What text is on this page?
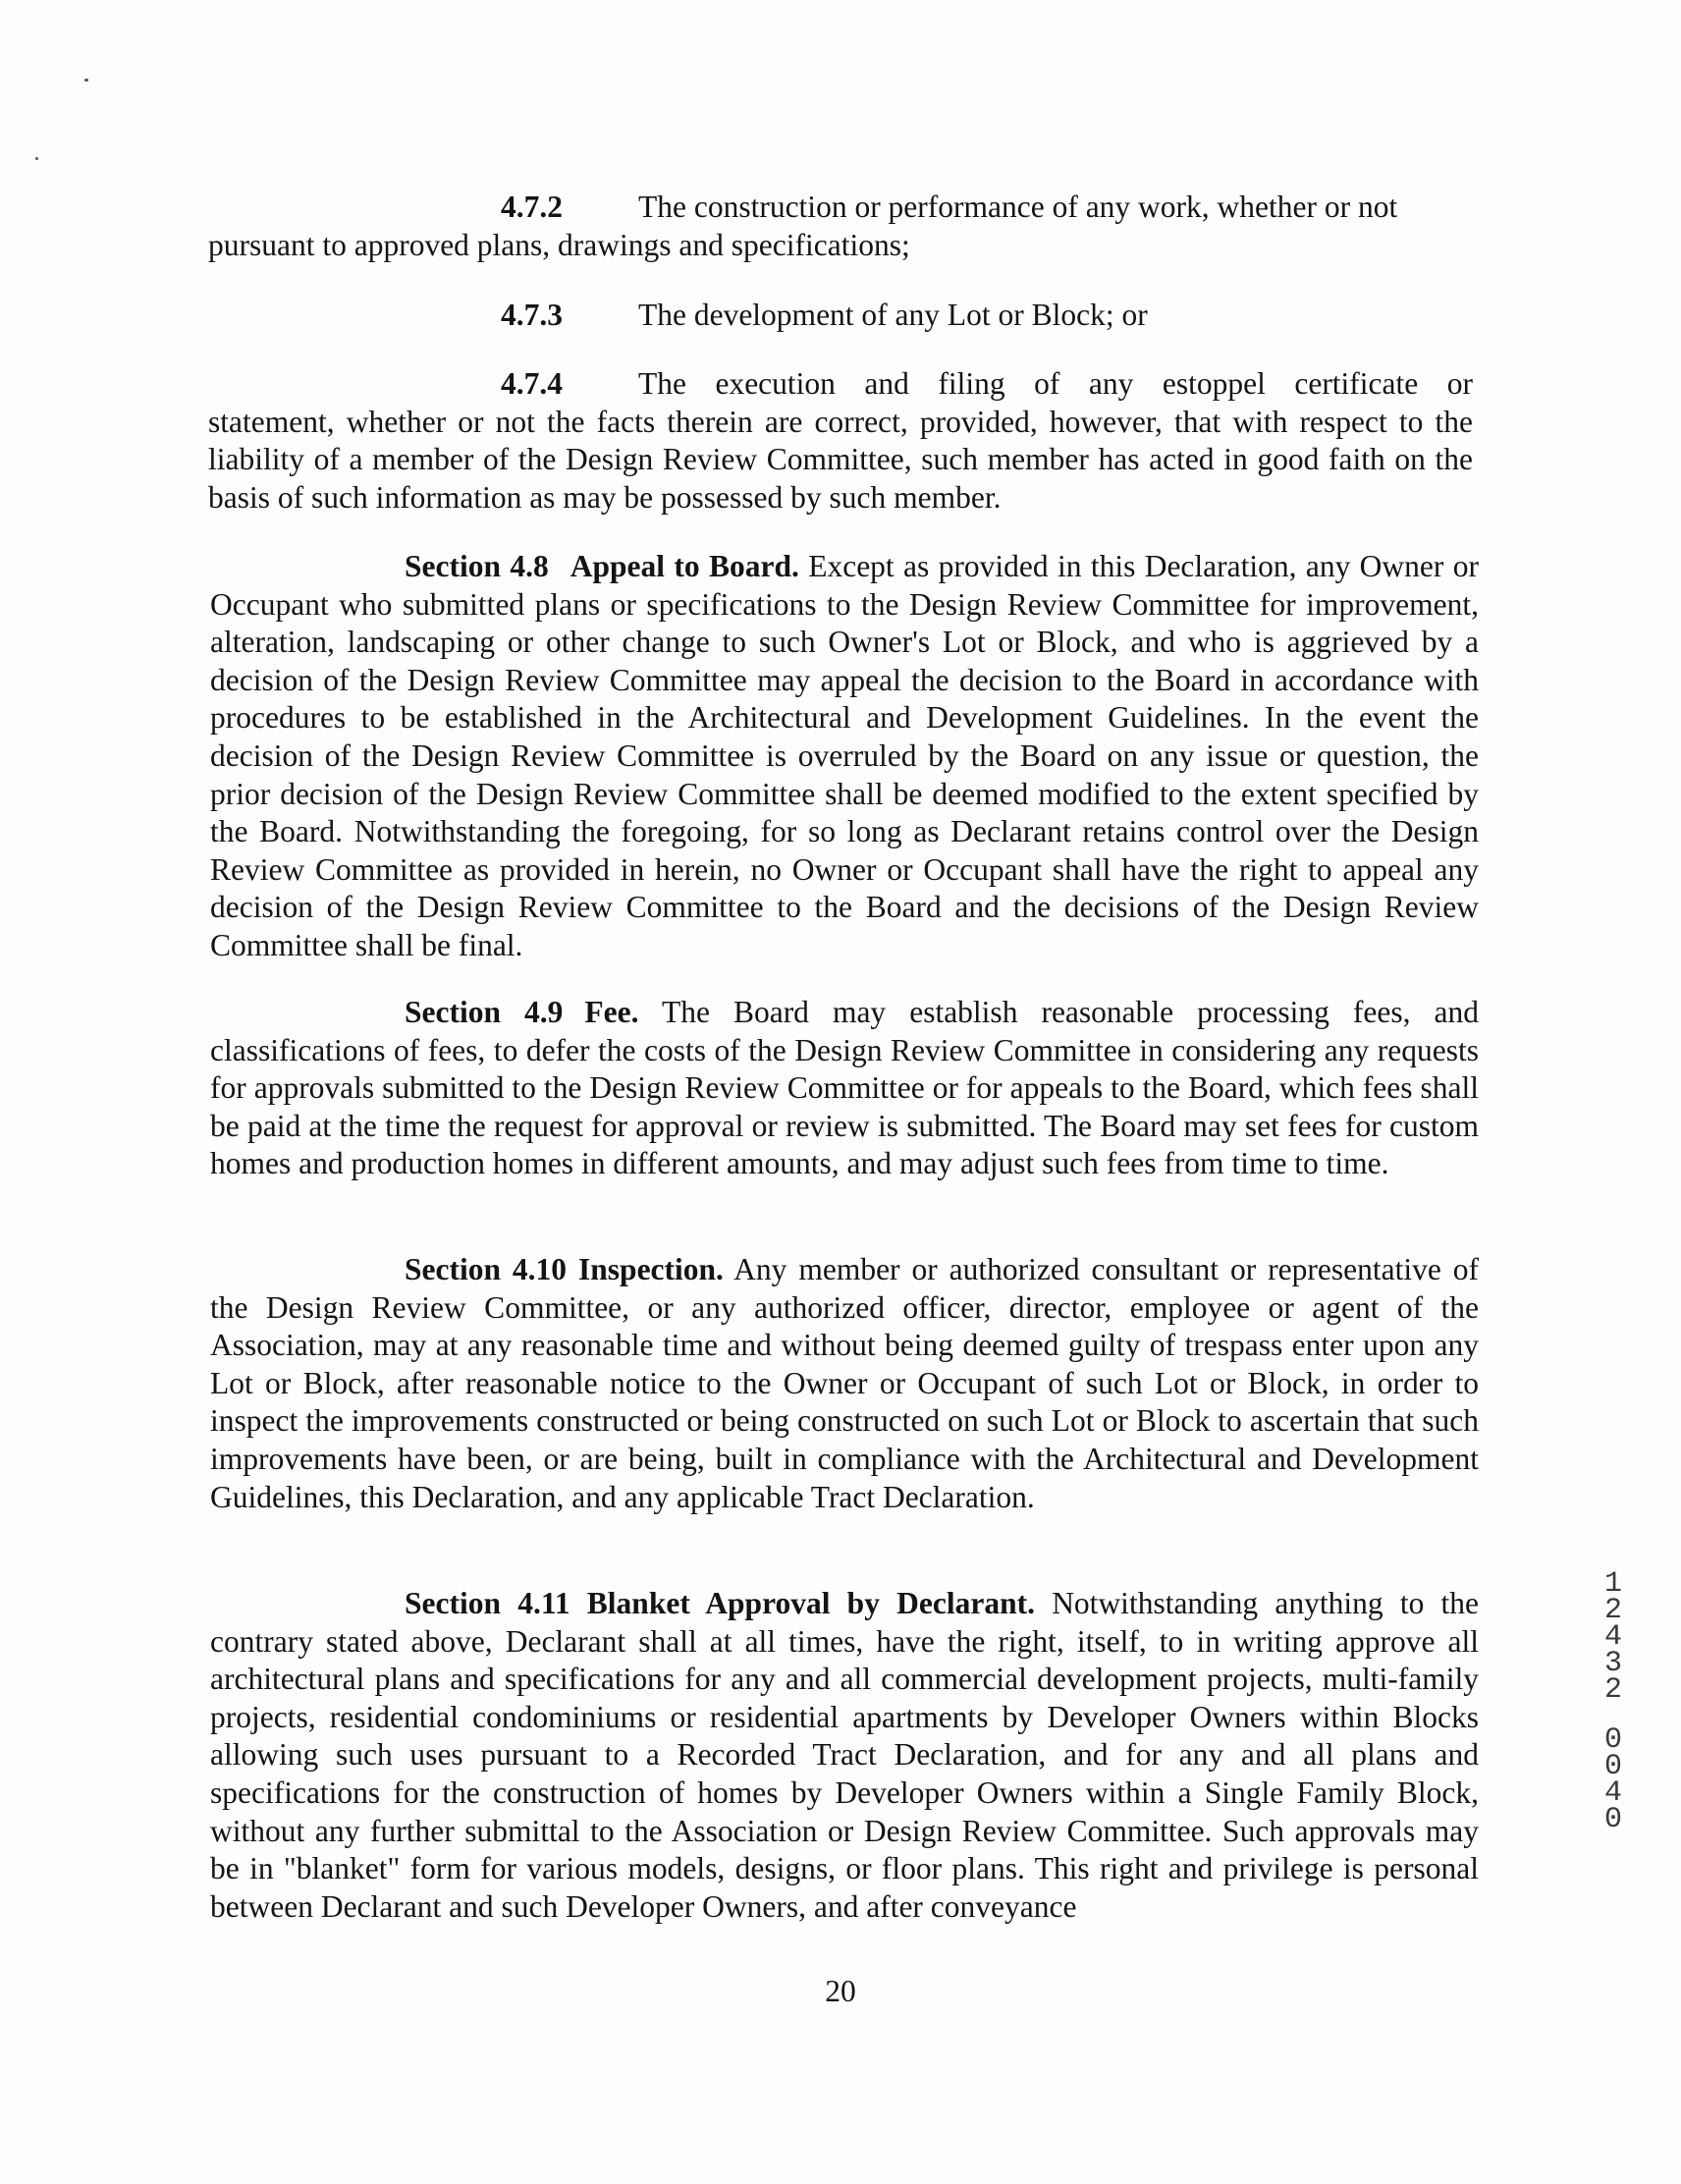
4.7.2 The construction or performance of any work, whether or not
pursuant to approved plans, drawings and specifications;
4.7.3 The development of any Lot or Block; or
4.7.4 The execution and filing of any estoppel certificate or
statement, whether or not the facts therein are correct, provided, however, that with respect to the liability of a member of the Design Review Committee, such member has acted in good faith on the basis of such information as may be possessed by such member.
Section 4.8 Appeal to Board. Except as provided in this Declaration, any Owner or Occupant who submitted plans or specifications to the Design Review Committee for improvement, alteration, landscaping or other change to such Owner's Lot or Block, and who is aggrieved by a decision of the Design Review Committee may appeal the decision to the Board in accordance with procedures to be established in the Architectural and Development Guidelines. In the event the decision of the Design Review Committee is overruled by the Board on any issue or question, the prior decision of the Design Review Committee shall be deemed modified to the extent specified by the Board. Notwithstanding the foregoing, for so long as Declarant retains control over the Design Review Committee as provided in herein, no Owner or Occupant shall have the right to appeal any decision of the Design Review Committee to the Board and the decisions of the Design Review Committee shall be final.
Section 4.9 Fee. The Board may establish reasonable processing fees, and classifications of fees, to defer the costs of the Design Review Committee in considering any requests for approvals submitted to the Design Review Committee or for appeals to the Board, which fees shall be paid at the time the request for approval or review is submitted. The Board may set fees for custom homes and production homes in different amounts, and may adjust such fees from time to time.
Section 4.10 Inspection. Any member or authorized consultant or representative of the Design Review Committee, or any authorized officer, director, employee or agent of the Association, may at any reasonable time and without being deemed guilty of trespass enter upon any Lot or Block, after reasonable notice to the Owner or Occupant of such Lot or Block, in order to inspect the improvements constructed or being constructed on such Lot or Block to ascertain that such improvements have been, or are being, built in compliance with the Architectural and Development Guidelines, this Declaration, and any applicable Tract Declaration.
Section 4.11 Blanket Approval by Declarant. Notwithstanding anything to the contrary stated above, Declarant shall at all times, have the right, itself, to in writing approve all architectural plans and specifications for any and all commercial development projects, multi-family projects, residential condominiums or residential apartments by Developer Owners within Blocks allowing such uses pursuant to a Recorded Tract Declaration, and for any and all plans and specifications for the construction of homes by Developer Owners within a Single Family Block, without any further submittal to the Association or Design Review Committee. Such approvals may be in "blanket" form for various models, designs, or floor plans. This right and privilege is personal between Declarant and such Developer Owners, and after conveyance
20
12432
0040
